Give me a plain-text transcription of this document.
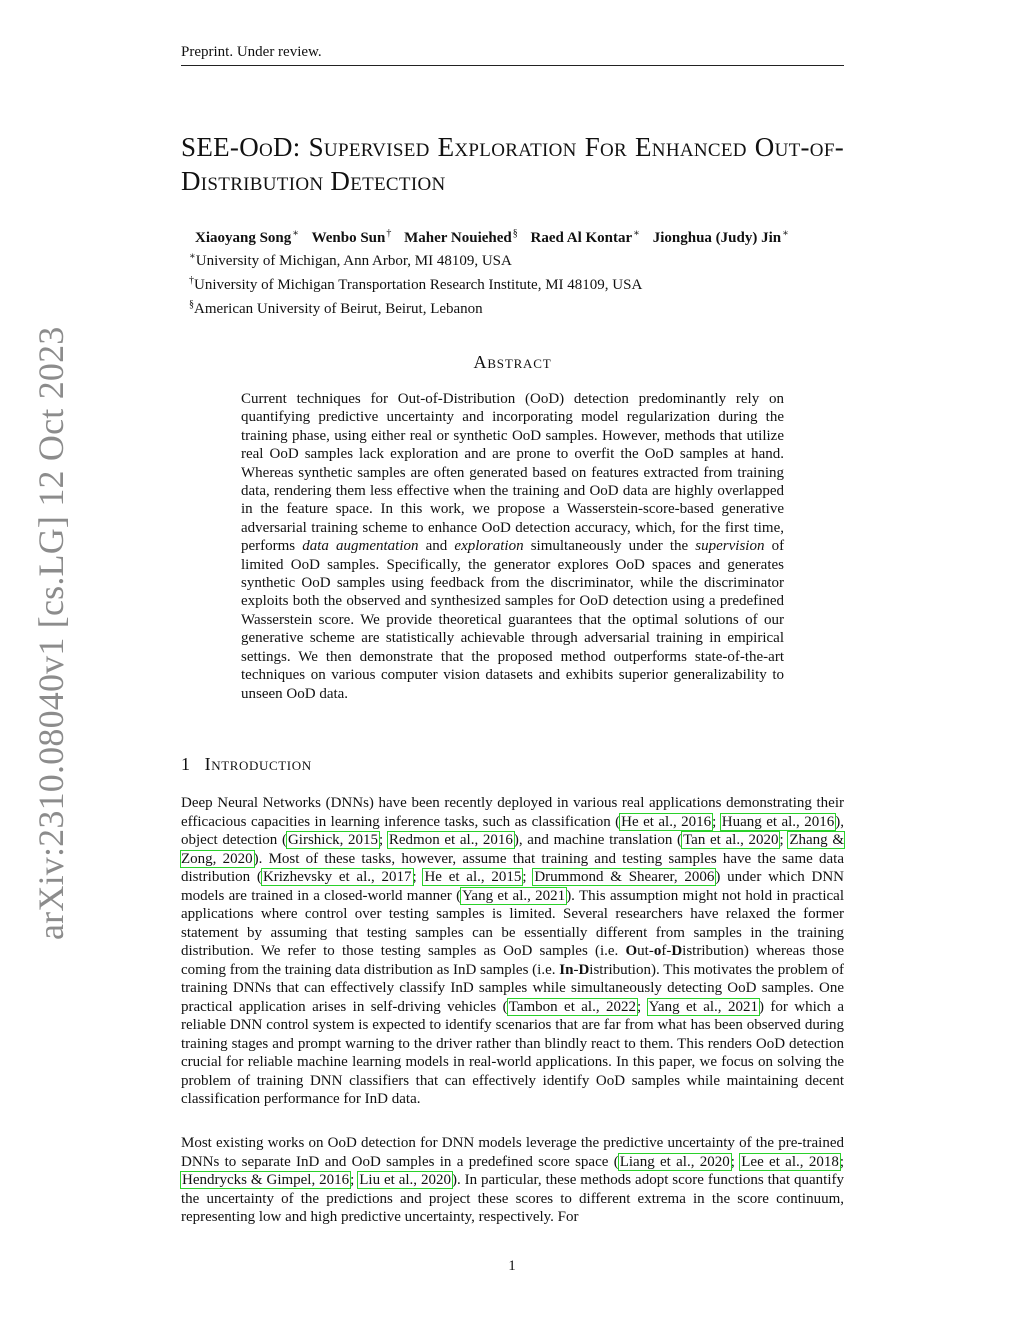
Preprint. Under review.
arXiv:2310.08040v1 [cs.LG] 12 Oct 2023
SEE-OoD: Supervised Exploration For Enhanced Out-of-Distribution Detection
Xiaoyang Song∗ Wenbo Sun† Maher Nouiehed§ Raed Al Kontar∗ Jionghua (Judy) Jin∗
∗University of Michigan, Ann Arbor, MI 48109, USA
†University of Michigan Transportation Research Institute, MI 48109, USA
§American University of Beirut, Beirut, Lebanon
Abstract
Current techniques for Out-of-Distribution (OoD) detection predominantly rely on quantifying predictive uncertainty and incorporating model regularization during the training phase, using either real or synthetic OoD samples. However, methods that utilize real OoD samples lack exploration and are prone to overfit the OoD samples at hand. Whereas synthetic samples are often generated based on features extracted from training data, rendering them less effective when the training and OoD data are highly overlapped in the feature space. In this work, we propose a Wasserstein-score-based generative adversarial training scheme to enhance OoD detection accuracy, which, for the first time, performs data augmentation and exploration simultaneously under the supervision of limited OoD samples. Specifically, the generator explores OoD spaces and generates synthetic OoD samples using feedback from the discriminator, while the discriminator exploits both the observed and synthesized samples for OoD detection using a predefined Wasserstein score. We provide theoretical guarantees that the optimal solutions of our generative scheme are statistically achievable through adversarial training in empirical settings. We then demonstrate that the proposed method outperforms state-of-the-art techniques on various computer vision datasets and exhibits superior generalizability to unseen OoD data.
1 Introduction
Deep Neural Networks (DNNs) have been recently deployed in various real applications demonstrating their efficacious capacities in learning inference tasks, such as classification (He et al., 2016; Huang et al., 2016), object detection (Girshick, 2015; Redmon et al., 2016), and machine translation (Tan et al., 2020; Zhang & Zong, 2020). Most of these tasks, however, assume that training and testing samples have the same data distribution (Krizhevsky et al., 2017; He et al., 2015; Drummond & Shearer, 2006) under which DNN models are trained in a closed-world manner (Yang et al., 2021). This assumption might not hold in practical applications where control over testing samples is limited. Several researchers have relaxed the former statement by assuming that testing samples can be essentially different from samples in the training distribution. We refer to those testing samples as OoD samples (i.e. Out-of-Distribution) whereas those coming from the training data distribution as InD samples (i.e. In-Distribution). This motivates the problem of training DNNs that can effectively classify InD samples while simultaneously detecting OoD samples. One practical application arises in self-driving vehicles (Tambon et al., 2022; Yang et al., 2021) for which a reliable DNN control system is expected to identify scenarios that are far from what has been observed during training stages and prompt warning to the driver rather than blindly react to them. This renders OoD detection crucial for reliable machine learning models in real-world applications. In this paper, we focus on solving the problem of training DNN classifiers that can effectively identify OoD samples while maintaining decent classification performance for InD data.
Most existing works on OoD detection for DNN models leverage the predictive uncertainty of the pre-trained DNNs to separate InD and OoD samples in a predefined score space (Liang et al., 2020; Lee et al., 2018; Hendrycks & Gimpel, 2016; Liu et al., 2020). In particular, these methods adopt score functions that quantify the uncertainty of the predictions and project these scores to different extrema in the score continuum, representing low and high predictive uncertainty, respectively. For
1
